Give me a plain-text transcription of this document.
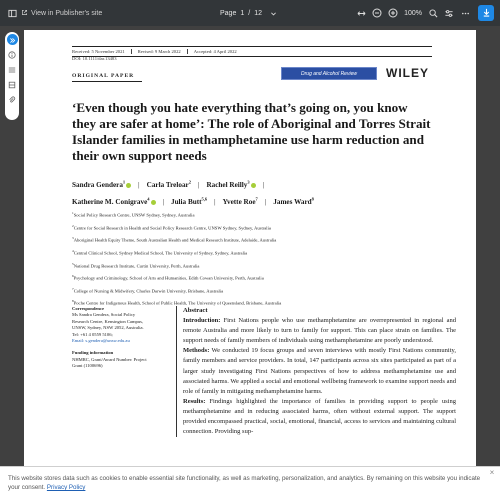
View in Publisher's site	Page 1 / 12	100%
Received: 5 November 2021	Revised: 9 March 2022	Accepted: 4 April 2022
DOI: 10.1111/dar.13483
ORIGINAL PAPER	Drug and Alcohol Review WILEY
‘Even though you hate everything that’s going on, you know they are safer at home’: The role of Aboriginal and Torres Strait Islander families in methamphetamine use harm reduction and their own support needs
Sandra Gendera$^1$ | Carla Treloar$^2$ | Rachel Reilly$^3$ |
Katherine M. Conigrave$^4$ | Julia Butt$^{5,6}$ | Yvette Roe$^7$ | James Ward$^8$
$^1$Social Policy Research Centre, UNSW Sydney, Sydney, Australia
$^2$Centre for Social Research in Health and Social Policy Research Centre, UNSW Sydney, Sydney, Australia
$^3$Aboriginal Health Equity Theme, South Australian Health and Medical Research Institute, Adelaide, Australia
$^4$Central Clinical School, Sydney Medical School, The University of Sydney, Sydney, Australia
$^5$National Drug Research Institute, Curtin University, Perth, Australia
$^6$Psychology and Criminology, School of Arts and Humanities, Edith Cowan University, Perth, Australia
$^7$College of Nursing & Midwifery, Charles Darwin University, Brisbane, Australia
$^8$Poche Centre for Indigenous Health, School of Public Health, The University of Queensland, Brisbane, Australia
Correspondence
Ms Sandra Gendera, Social Policy
Research Centre, Kensington Campus,
UNSW, Sydney, NSW 2052, Australia.
Tel: +61 4 0559 5106;
Email: s.gendera@unsw.edu.au
Funding information
NHMRC, Grant/Award Number: Project
Grant (1100696)
Abstract

Introduction: First Nations people who use methamphetamine are overrepresented in regional and remote Australia and more likely to turn to family for support. This can place strain on families. The support needs of family members of individuals using methamphetamine are poorly understood.

Methods: We conducted 19 focus groups and seven interviews with mostly First Nations community, family members and service providers. In total, 147 participants across six sites participated as part of a larger study investigating First Nations perspectives of how to address methamphetamine use and associated harms. We applied a social and emotional wellbeing framework to examine support needs and role of family in mitigating methamphetamine harms.

Results: Findings highlighted the importance of families in providing support to people using methamphetamine and in reducing associated harms, often without external support. The support provided encompassed practical, social, emotional, financial, access to services and maintaining cultural connection. Providing sup-

This website stores data such as cookies to enable essential site functionality, as well as marketing, personalization, and analytics. By remaining on this website you indicate your consent. Privacy Policy
×
